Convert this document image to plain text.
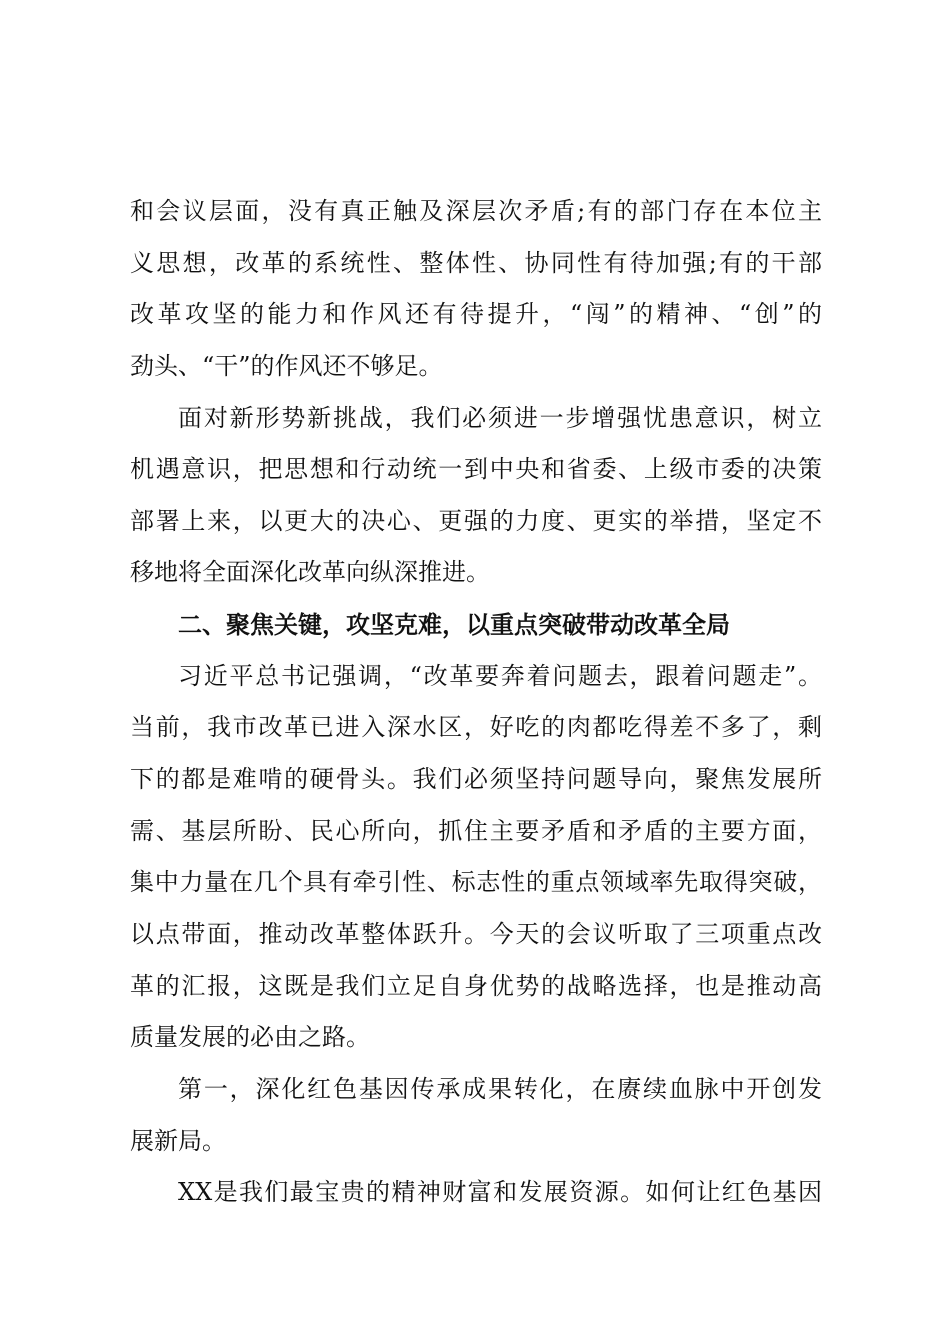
和会议层面，没有真正触及深层次矛盾;有的部门存在本位主
义思想，改革的系统性、整体性、协同性有待加强;有的干部
改革攻坚的能力和作风还有待提升，“闯”的精神、“创”的
劲头、“干”的作风还不够足。
面对新形势新挑战，我们必须进一步增强忧患意识，树立
机遇意识，把思想和行动统一到中央和省委、上级市委的决策
部署上来，以更大的决心、更强的力度、更实的举措，坚定不
移地将全面深化改革向纵深推进。
二、聚焦关键，攻坚克难，以重点突破带动改革全局
习近平总书记强调，“改革要奔着问题去，跟着问题走”。
当前，我市改革已进入深水区，好吃的肉都吃得差不多了，剩
下的都是难啃的硬骨头。我们必须坚持问题导向，聚焦发展所
需、基层所盼、民心所向，抓住主要矛盾和矛盾的主要方面，
集中力量在几个具有牵引性、标志性的重点领域率先取得突破，
以点带面，推动改革整体跃升。今天的会议听取了三项重点改
革的汇报，这既是我们立足自身优势的战略选择，也是推动高
质量发展的必由之路。
第一，深化红色基因传承成果转化，在赓续血脉中开创发
展新局。
XX是我们最宝贵的精神财富和发展资源。如何让红色基因
